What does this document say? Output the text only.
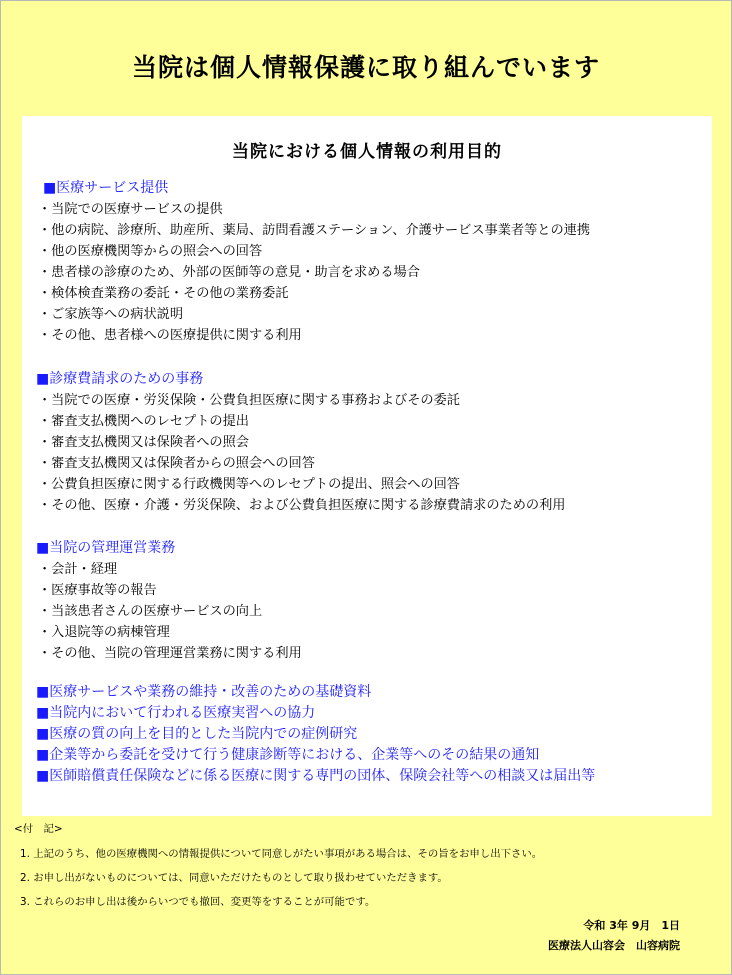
当院は個人情報保護に取り組んでいます
当院における個人情報の利用目的
■医療サービス提供
・当院での医療サービスの提供
・他の病院、診療所、助産所、薬局、訪問看護ステーション、介護サービス事業者等との連携
・他の医療機関等からの照会への回答
・患者様の診療のため、外部の医師等の意見・助言を求める場合
・検体検査業務の委託・その他の業務委託
・ご家族等への病状説明
・その他、患者様への医療提供に関する利用
■診療費請求のための事務
・当院での医療・労災保険・公費負担医療に関する事務およびその委託
・審査支払機関へのレセプトの提出
・審査支払機関又は保険者への照会
・審査支払機関又は保険者からの照会への回答
・公費負担医療に関する行政機関等へのレセプトの提出、照会への回答
・その他、医療・介護・労災保険、および公費負担医療に関する診療費請求のための利用
■当院の管理運営業務
・会計・経理
・医療事故等の報告
・当該患者さんの医療サービスの向上
・入退院等の病棟管理
・その他、当院の管理運営業務に関する利用
■医療サービスや業務の維持・改善のための基礎資料
■当院内において行われる医療実習への協力
■医療の質の向上を目的とした当院内での症例研究
■企業等から委託を受けて行う健康診断等における、企業等へのその結果の通知
■医師賠償責任保険などに係る医療に関する専門の団体、保険会社等への相談又は届出等
<付　記>
1. 上記のうち、他の医療機関への情報提供について同意しがたい事項がある場合は、その旨をお申し出下さい。
2. お申し出がないものについては、同意いただけたものとして取り扱わせていただきます。
3. これらのお申し出は後からいつでも撤回、変更等をすることが可能です。
令和 3年 9月　1日
医療法人山容会　山容病院
